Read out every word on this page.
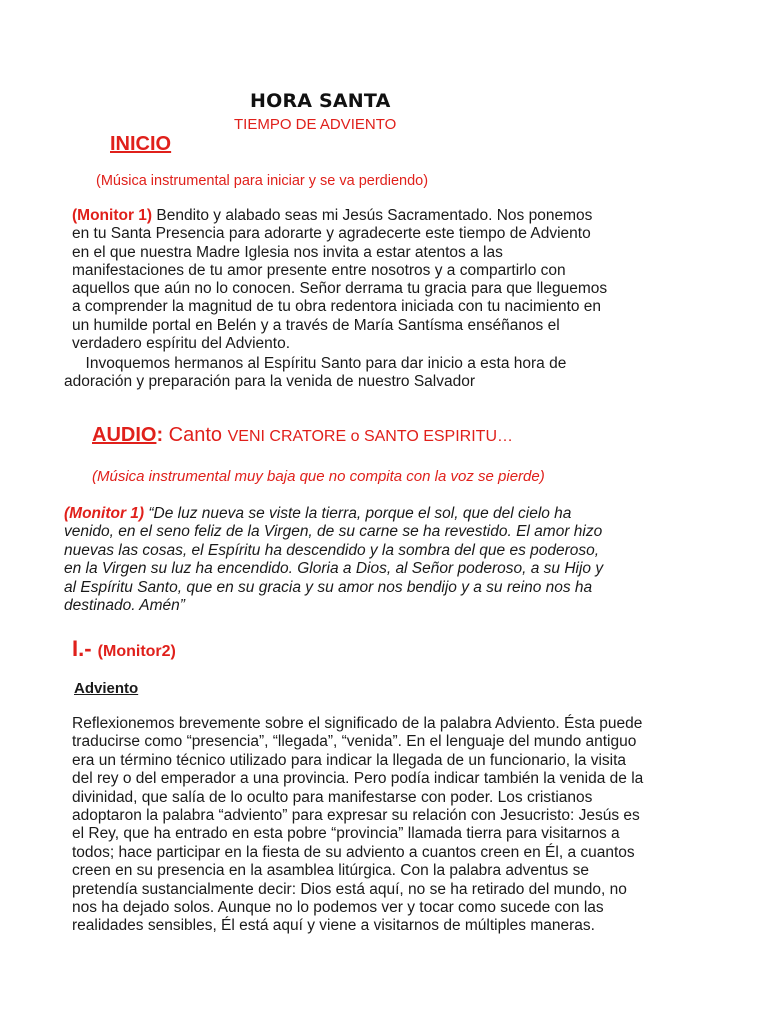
HORA SANTA
TIEMPO DE ADVIENTO
INICIO
(Música instrumental para iniciar y se va perdiendo)
(Monitor 1) Bendito y alabado seas mi Jesús Sacramentado. Nos ponemos
en tu Santa Presencia para adorarte y agradecerte este tiempo de Adviento
en el que nuestra Madre Iglesia nos invita a estar atentos a las
manifestaciones de tu amor presente entre nosotros y a compartirlo con
aquellos que aún no lo conocen. Señor derrama tu gracia para que lleguemos
a comprender la magnitud de tu obra redentora iniciada con tu nacimiento en
un humilde portal en Belén y a través de María Santísma enséñanos el
verdadero espíritu del Adviento.
Invoquemos hermanos al Espíritu Santo para dar inicio a esta hora de
adoración y preparación para la venida de nuestro Salvador
AUDIO: Canto VENI CRATORE o SANTO ESPIRITU…
(Música instrumental muy baja que no compita con la voz se pierde)
(Monitor 1) “De luz nueva se viste la tierra, porque el sol, que del cielo ha
venido, en el seno feliz de la Virgen, de su carne se ha revestido. El amor hizo
nuevas las cosas, el Espíritu ha descendido y la sombra del que es poderoso,
en la Virgen su luz ha encendido. Gloria a Dios, al Señor poderoso, a su Hijo y
al Espíritu Santo, que en su gracia y su amor nos bendijo y a su reino nos ha
destinado. Amén”
I.- (Monitor2)
Adviento
Reflexionemos brevemente sobre el significado de la palabra Adviento. Ésta puede
traducirse como “presencia”, “llegada”, “venida”. En el lenguaje del mundo antiguo
era un término técnico utilizado para indicar la llegada de un funcionario, la visita
del rey o del emperador a una provincia. Pero podía indicar también la venida de la
divinidad, que salía de lo oculto para manifestarse con poder. Los cristianos
adoptaron la palabra “adviento” para expresar su relación con Jesucristo: Jesús es
el Rey, que ha entrado en esta pobre “provincia” llamada tierra para visitarnos a
todos; hace participar en la fiesta de su adviento a cuantos creen en Él, a cuantos
creen en su presencia en la asamblea litúrgica. Con la palabra adventus se
pretendía sustancialmente decir: Dios está aquí, no se ha retirado del mundo, no
nos ha dejado solos. Aunque no lo podemos ver y tocar como sucede con las
realidades sensibles, Él está aquí y viene a visitarnos de múltiples maneras.
